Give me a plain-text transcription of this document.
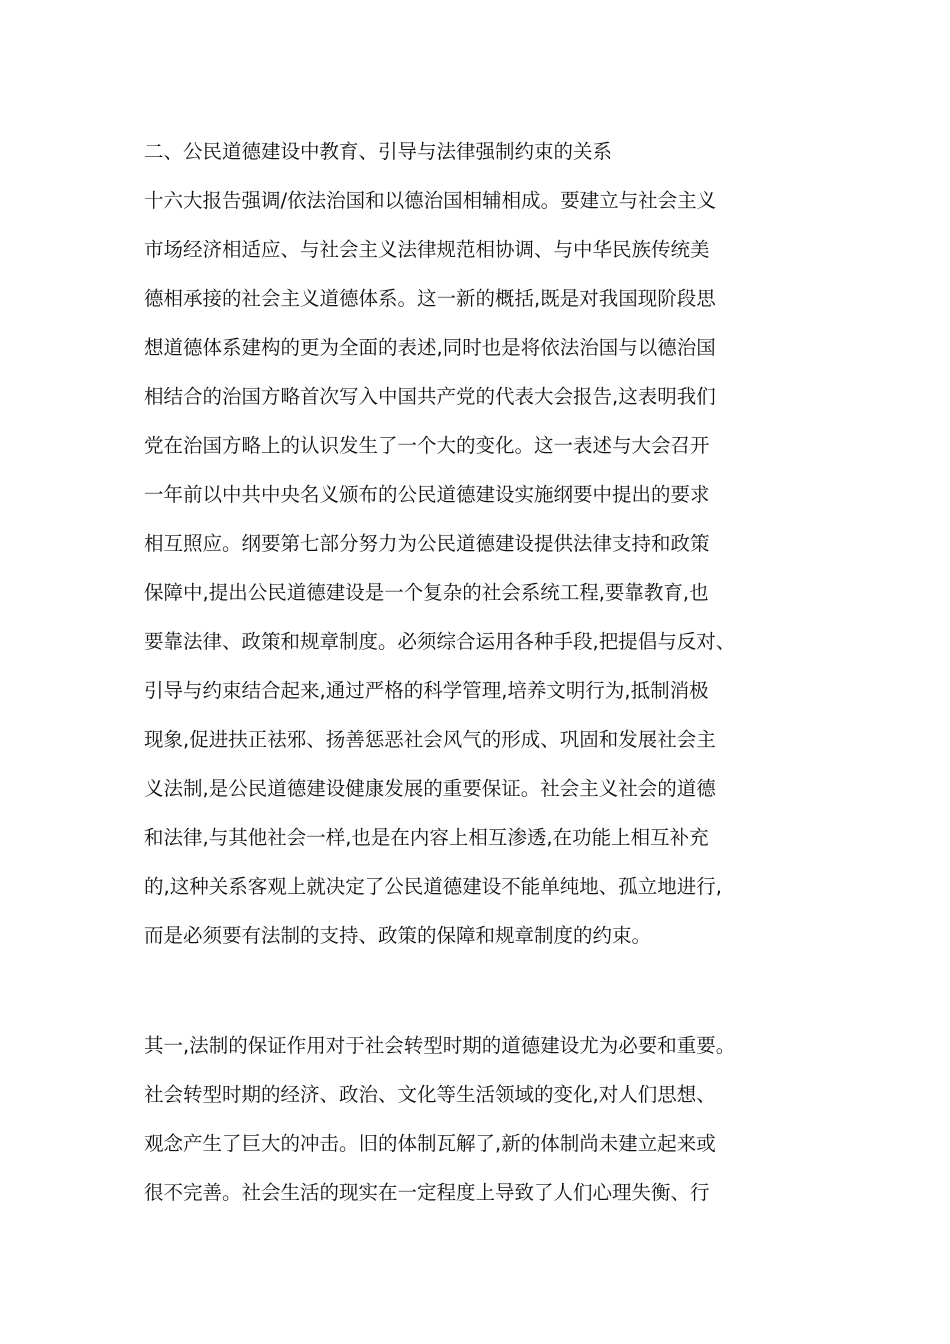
二、公民道德建设中教育、引导与法律强制约束的关系
十六大报告强调/依法治国和以德治国相辅相成。要建立与社会主义
市场经济相适应、与社会主义法律规范相协调、与中华民族传统美
德相承接的社会主义道德体系。这一新的概括,既是对我国现阶段思
想道德体系建构的更为全面的表述,同时也是将依法治国与以德治国
相结合的治国方略首次写入中国共产党的代表大会报告,这表明我们
党在治国方略上的认识发生了一个大的变化。这一表述与大会召开
一年前以中共中央名义颁布的公民道德建设实施纲要中提出的要求
相互照应。纲要第七部分努力为公民道德建设提供法律支持和政策
保障中,提出公民道德建设是一个复杂的社会系统工程,要靠教育,也
要靠法律、政策和规章制度。必须综合运用各种手段,把提倡与反对、
引导与约束结合起来,通过严格的科学管理,培养文明行为,抵制消极
现象,促进扶正祛邪、扬善惩恶社会风气的形成、巩固和发展社会主
义法制,是公民道德建设健康发展的重要保证。社会主义社会的道德
和法律,与其他社会一样,也是在内容上相互渗透,在功能上相互补充
的,这种关系客观上就决定了公民道德建设不能单纯地、孤立地进行,
而是必须要有法制的支持、政策的保障和规章制度的约束。
其一,法制的保证作用对于社会转型时期的道德建设尤为必要和重要。
社会转型时期的经济、政治、文化等生活领域的变化,对人们思想、
观念产生了巨大的冲击。旧的体制瓦解了,新的体制尚未建立起来或
很不完善。社会生活的现实在一定程度上导致了人们心理失衡、行
